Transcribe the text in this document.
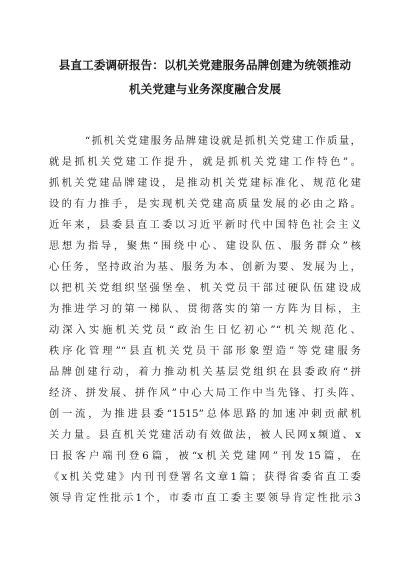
县直工委调研报告：以机关党建服务品牌创建为统领推动
机关党建与业务深度融合发展
“抓机关党建服务品牌建设就是抓机关党建工作质量，
就是抓机关党建工作提升，就是抓机关党建工作特色”。
抓机关党建品牌建设，是推动机关党建标准化、规范化建
设的有力推手，是实现机关党建高质量发展的必由之路。
近年来，县委县直工委以习近平新时代中国特色社会主义
思想为指导，聚焦“围绕中心、建设队伍、服务群众”核
心任务，坚持政治为基、服务为本、创新为要、发展为上，
以把机关党组织坚强堡垒、机关党员干部过硬队伍建设成
为推进学习的第一梯队、贯彻落实的第一方阵为目标，主
动深入实施机关党员“政治生日忆初心”“机关规范化、
秩序化管理”“县直机关党员干部形象塑造”等党建服务
品牌创建行动，着力推动机关基层党组织在县委政府“拼
经济、拼发展、拼作风”中心大局工作中当先锋、打头阵、
创一流，为推进县委“1515”总体思路的加速冲刺贡献机
关力量。县直机关党建活动有效做法，被人民网x频道、x
日报客户端刊登6篇，被“x机关党建网”刊发15篇，在
《x机关党建》内刊刊登署名文章1篇；获得省委省直工委
领导肯定性批示1个，市委市直工委主要领导肯定性批示3
